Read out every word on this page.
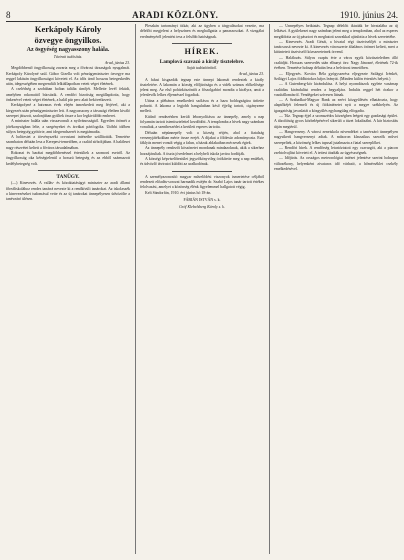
8	ARADI KÖZLÖNY.	1910. június 24.
Kerkápoly Károly
özvegye öngyilkos.
Az ösgyéség nagyasszony halála.
Távirati tudósítás.
Arad, június 23.

Megdöbbentő öngyilkosság zavarta meg a fővárosi társaságok nyugalmát. Kerkápoly Károlyné szül. Gábor Gizella volt pénzügyminiszter özvegye ma reggel lakásán öngyilkosságot követett el. Az idős úrnő hosszas betegeskedés után, idegességében megrendült lelkiállapotban vetett véget életének.

A cselédség a szobában holtan találta úrnőjét. Mellette levél feküdt, amelyben rokonaitól búcsúzik. A rendőri bizottság megállapította, hogy önkezével vetett véget életének, a halál pár perc alatt bekövetkezett.

Kerkápolyné a hatvanas évek elején ismerkedett meg férjével, aki a kiegyezés után pénzügyminiszter lett. A nagyasszony a társasági életben kiváló szerepet játszott, szalonjában gyűltek össze a kor legkiválóbb emberei.

A miniszter halála után visszavonult a nyilvánosságtól. Egyetlen örömét a jótékonyságban lelte, a szegényeket és árvákat pártfogolta. Utóbbi időben súlyos betegség gyötörte, ami idegrendszerét is megtámadta.

A holttestet a törvényszéki orvostani intézetbe szállították. Temetése szombaton délután lesz a Kerepesi-temetőben, a család sírboltjában. A haláleset nagy részvétet keltett a főváros társadalmában.

Rokonai és barátai megdöbbenéssel értesültek a szomorú esetről. Az öngyilkosság oka kétségtelenül a hosszú betegség és az ebből származott kedélybetegség volt.

TANÜGY.

(—) Kinevezés. A vallás- és közoktatásügyi miniszter az aradi állami főreáliskolához rendes tanárrá nevezte ki a rendkívüli tanárokat. Az iskolaszék a kinevezéseket tudomásul vette és az új tanárokat ünnepélyesen üdvözölte a tanévzáró ülésen.

Pleszkán tartományi titkár, aki az ügyben a tárgyalásokat vezette, ma délelőtt megjelent a helyszínen és meghallgatta a panaszosokat. A vizsgálat eredményéről jelentést tesz a felsőbb hatóságnak.

HÍREK.
Lamplová szavazó a király tisztelebre.
Saját tudósítónktól.
Arad, június 23.

A falusi kisgazdák tegnap este ünnepi lakomát rendeztek a király tiszteletére. A lakomán a község előljárósága és a vidék számos előkelősége jelent meg. Az első pohárköszöntőt a főszolgabíró mondta a királyra, amit a jelenlevők lelkes éljenzéssel fogadtak.

Utána a plébános emelkedett szólásra és a haza boldogságára ürítette poharát. A lakoma a legjobb hangulatban késő éjjelig tartott, cigányzene mellett.

Kitűnő rendezésben került lebonyolításra az ünnepély, amely a nap folyamán tartott istentisztelettel kezdődött. A templomba a hívek nagy számban vonultak, a szentbeszédet a kerületi esperes tartotta.

Délután népünnepély volt a község rétjén, ahol a fiatalság versenyjátékokban mérte össze erejét. A díjakat a földesúr adományozta. Este fáklyás menet vonult végig a falun, a házak ablakaiban mécsesek égtek.

Az ünnepély rendezői köszönetet mondanak mindazoknak, akik a sikerhez hozzájárultak. A tiszta jövedelmet a helybeli iskola javára fordítják.

A községi képviselőtestület jegyzőkönyvileg örökítette meg a nap emlékét, és üdvözlő táviratot küldött az uralkodónak.

A személyazonosító magyar művelődési viszonyok ismertetése céljából rendezett előadás-sorozat harmadik estéjén dr. Szabó Lajos tanár tartott értékes felolvasást, amelyet a közönség élénk figyelemmel hallgatott végig.

Kelt Sándorfán, 1910. évi június hó 18-án.

FÁBIÁN ISTVÁN s. k.
Gróf Klebelsberg Károly s. k.

— Ünnepélyes beiktatás. Tegnap délelőtt iktatták be hivatalába az új lelkészt. A gyülekezet nagy számban jelent meg a templomban, ahol az esperes megáldotta az új pásztort és meghatott szavakkal ajánlotta a hívek szeretetébe.

— Kinevezés. Aradi Gézát, a hivatal régi tisztviselőjét a miniszter tanácsossá nevezte ki. A kinevezés városszerte általános örömet keltett, mert a kitüntetett tisztviselő közszeretetnek örvend.

— Halálozás. Súlyos csapás érte a város egyik köztiszteletben álló családját. Hosszas szenvedés után elhunyt özv. Nagy Jánosné, életének 72-ik évében. Temetése holnap délután lesz a belvárosi temetőben.

— Eljegyzés. Kovács Béla gyógyszerész eljegyezte Szilágyi Irénkét, Szilágyi Lajos földbirtokos bájos leányát. (Minden külön értesítés helyett.)

— A Gutenberg-kör kirándulása. A helyi nyomdászok egylete vasárnap családias kirándulást rendez a hegyaljára. Indulás reggel hét órakor a vasútállomásról. Vendégeket szívesen látnak.

— A Szabadkai-Magyar Bank az ezévi közgyűlésén elhatározta, hogy alaptőkéjét felemeli és új fiókintézetet nyit a megye székhelyén. Az igazgatóság javaslatát a közgyűlés egyhangúlag elfogadta.

— Tűz. Tegnap éjjel a szomszédos községben leégett egy gazdasági épület. A tűzoltóság gyors közbelépésével sikerült a tüzet lokalizálni. A kár biztosítás útján megtérül.

— Hangverseny. A városi zeneiskola növendékei a tanévzáró ünnepélyen nagysikerű hangversenyt adtak. A műsoron klasszikus szerzők művei szerepeltek, a közönség lelkes tapssal jutalmazta a fiatal szereplőket.

— Rendőri hírek. A rendőrség letartóztatott egy csavargót, aki a piacon zsebtolvajlást követett el. A tettest átadták az ügyészségnek.

— Időjárás. Az országos meteorológiai intézet jelentése szerint holnapra változékony, helyenként zivataros idő várható, a hőmérséklet csekély emelkedésével.
